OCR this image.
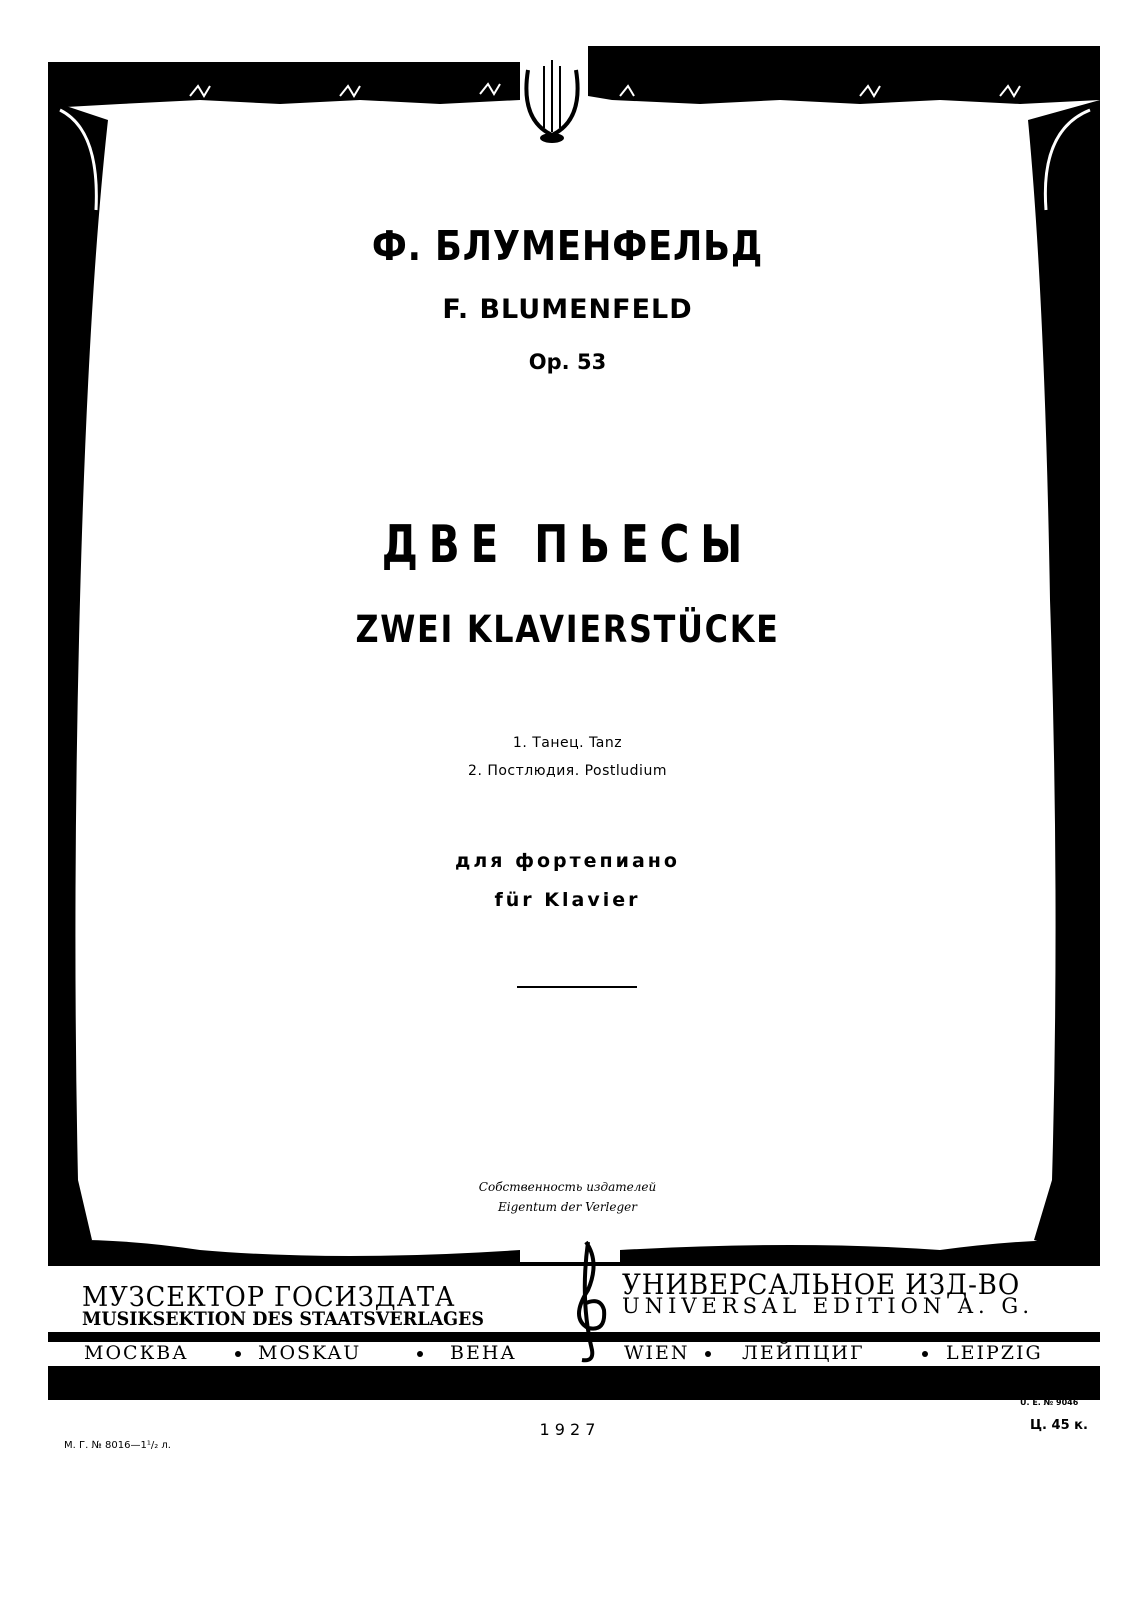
Ф. БЛУМЕНФЕЛЬД
F. BLUMENFELD
Op. 53
ДВЕ ПЬЕСЫ
ZWEI KLAVIERSTÜCKE
1. Танец. Tanz
2. Постлюдия. Postludium
для фортепиано
für Klavier
Собственность издателей
Eigentum der Verleger
МУЗСЕКТОР ГОСИЗДАТА
MUSIKSEKTION DES STAATSVERLAGES
УНИВЕРСАЛЬНОЕ ИЗД-ВО
UNIVERSAL EDITION A. G.
МОСКВА	MOSKAU	ВЕНА	WIEN	ЛЕЙПЦИГ	LEIPZIG
1 9 2 7
М. Г. № 8016—1¹/₂ л.
U. E. № 9046
Ц. 45 к.
